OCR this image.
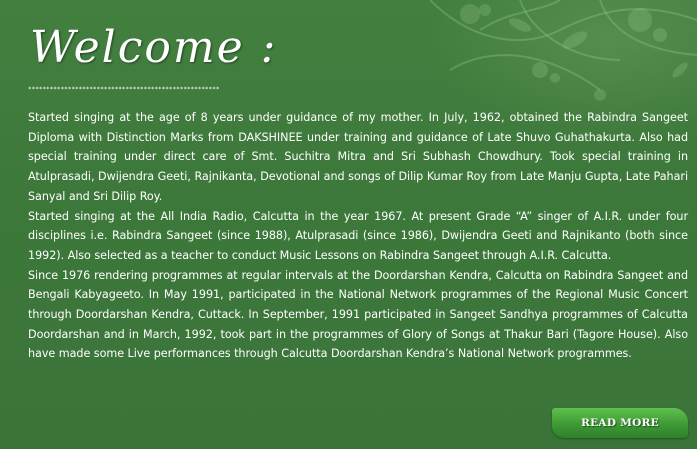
Welcome :
*****************************************************

Started singing at the age of 8 years under guidance of my mother. In July, 1962, obtained the Rabindra Sangeet Diploma with Distinction Marks from DAKSHINEE under training and guidance of Late Shuvo Guhathakurta. Also had special training under direct care of Smt. Suchitra Mitra and Sri Subhash Chowdhury. Took special training in Atulprasadi, Dwijendra Geeti, Rajnikanta, Devotional and songs of Dilip Kumar Roy from Late Manju Gupta, Late Pahari Sanyal and Sri Dilip Roy.

Started singing at the All India Radio, Calcutta in the year 1967. At present Grade “A” singer of A.I.R. under four disciplines i.e. Rabindra Sangeet (since 1988), Atulprasadi (since 1986), Dwijendra Geeti and Rajnikanto (both since 1992). Also selected as a teacher to conduct Music Lessons on Rabindra Sangeet through A.I.R. Calcutta.

Since 1976 rendering programmes at regular intervals at the Doordarshan Kendra, Calcutta on Rabindra Sangeet and Bengali Kabyageeto. In May 1991, participated in the National Network programmes of the Regional Music Concert through Doordarshan Kendra, Cuttack. In September, 1991 participated in Sangeet Sandhya programmes of Calcutta Doordarshan and in March, 1992, took part in the programmes of Glory of Songs at Thakur Bari (Tagore House). Also have made some Live performances through Calcutta Doordarshan Kendra’s National Network programmes.

READ MORE
